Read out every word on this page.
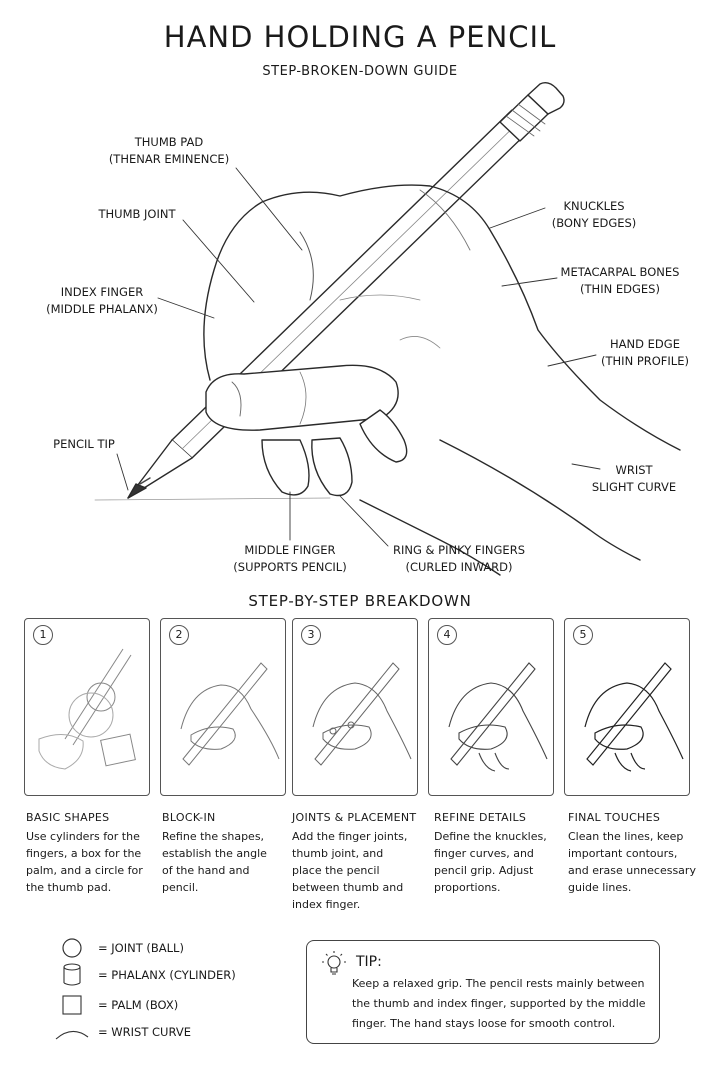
HAND HOLDING A PENCIL
STEP-BROKEN-DOWN GUIDE
THUMB PAD
(THENAR EMINENCE)
THUMB JOINT
INDEX FINGER
(MIDDLE PHALANX)
PENCIL TIP
KNUCKLES
(BONY EDGES)
METACARPAL BONES
(THIN EDGES)
HAND EDGE
(THIN PROFILE)
WRIST
SLIGHT CURVE
MIDDLE FINGER
(SUPPORTS PENCIL)
RING & PINKY FINGERS
(CURLED INWARD)
STEP-BY-STEP BREAKDOWN
1	2	3	4	5
BASIC SHAPES
Use cylinders for the
fingers, a box for the
palm, and a circle for
the thumb pad.
BLOCK-IN
Refine the shapes,
establish the angle
of the hand and
pencil.
JOINTS & PLACEMENT
Add the finger joints,
thumb joint, and
place the pencil
between thumb and
index finger.
REFINE DETAILS
Define the knuckles,
finger curves, and
pencil grip. Adjust
proportions.
FINAL TOUCHES
Clean the lines, keep
important contours,
and erase unnecessary
guide lines.
= JOINT (BALL)
= PHALANX (CYLINDER)
= PALM (BOX)
= WRIST CURVE
TIP:
Keep a relaxed grip. The pencil rests mainly between
the thumb and index finger, supported by the middle
finger. The hand stays loose for smooth control.
